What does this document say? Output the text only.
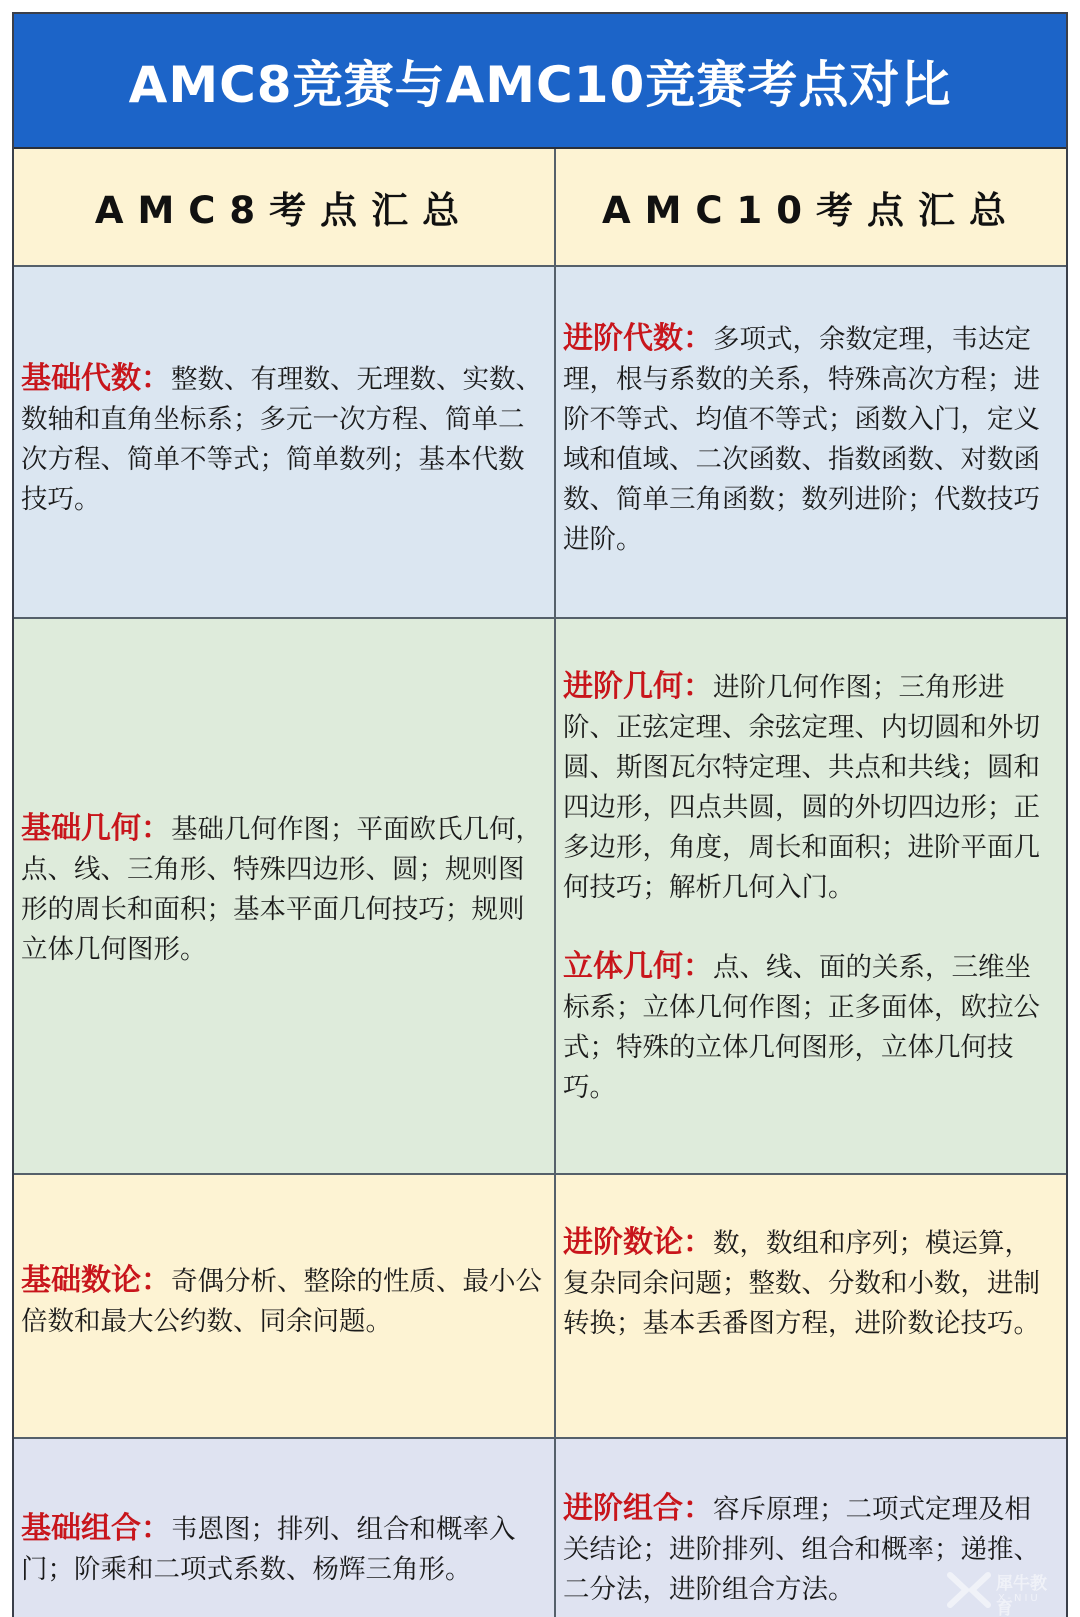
AMC8竞赛与AMC10竞赛考点对比
AMC8考点汇总	AMC10考点汇总

基础代数：整数、有理数、无理数、实数、数轴和直角坐标系；多元一次方程、简单二次方程、简单不等式；简单数列；基本代数技巧。

进阶代数：多项式，余数定理，韦达定理，根与系数的关系，特殊高次方程；进阶不等式、均值不等式；函数入门，定义域和值域、二次函数、指数函数、对数函数、简单三角函数；数列进阶；代数技巧进阶。

基础几何：基础几何作图；平面欧氏几何，点、线、三角形、特殊四边形、圆；规则图形的周长和面积；基本平面几何技巧；规则立体几何图形。

进阶几何：进阶几何作图；三角形进阶、正弦定理、余弦定理、内切圆和外切圆、斯图瓦尔特定理、共点和共线；圆和四边形，四点共圆，圆的外切四边形；正多边形，角度，周长和面积；进阶平面几何技巧；解析几何入门。

立体几何：点、线、面的关系，三维坐标系；立体几何作图；正多面体，欧拉公式；特殊的立体几何图形，立体几何技巧。

基础数论：奇偶分析、整除的性质、最小公倍数和最大公约数、同余问题。

进阶数论：数，数组和序列；模运算，复杂同余问题；整数、分数和小数，进制转换；基本丢番图方程，进阶数论技巧。

基础组合：韦恩图；排列、组合和概率入门；阶乘和二项式系数、杨辉三角形。

进阶组合：容斥原理；二项式定理及相关结论；进阶排列、组合和概率；递推、二分法，进阶组合方法。	犀牛教育
X-NIU
